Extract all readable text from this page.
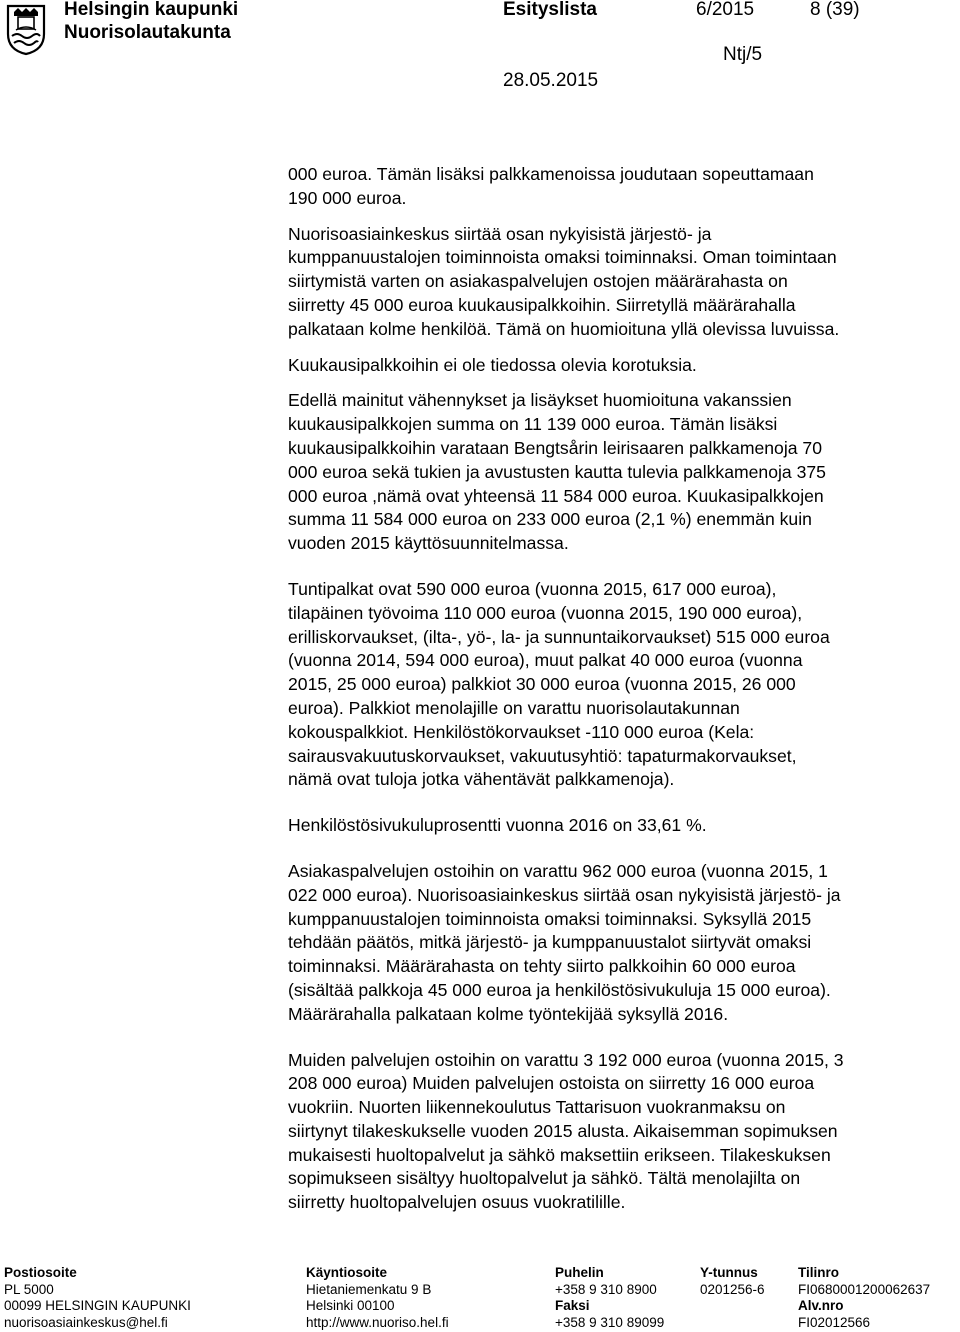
Helsingin kaupunki
Nuorisolautakunta
Esityslista	6/2015	8 (39)
Ntj/5
28.05.2015

000 euroa. Tämän lisäksi palkkamenoissa joudutaan sopeuttamaan
190 000 euroa.

Nuorisoasiainkeskus siirtää osan nykyisistä järjestö- ja
kumppanuustalojen toiminnoista omaksi toiminnaksi. Oman toimintaan
siirtymistä varten on asiakaspalvelujen ostojen määrärahasta on
siirretty 45 000 euroa kuukausipalkkoihin. Siirretyllä määrärahalla
palkataan kolme henkilöä. Tämä on huomioituna yllä olevissa luvuissa.

Kuukausipalkkoihin ei ole tiedossa olevia korotuksia.

Edellä mainitut vähennykset ja lisäykset huomioituna vakanssien
kuukausipalkkojen summa on 11 139 000 euroa. Tämän lisäksi
kuukausipalkkoihin varataan Bengtsårin leirisaaren palkkamenoja 70
000 euroa sekä tukien ja avustusten kautta tulevia palkkamenoja 375
000 euroa ,nämä ovat yhteensä 11 584 000 euroa. Kuukasipalkkojen
summa 11 584 000 euroa on 233 000 euroa (2,1 %) enemmän kuin
vuoden 2015 käyttösuunnitelmassa.

Tuntipalkat ovat 590 000 euroa (vuonna 2015, 617 000 euroa),
tilapäinen työvoima 110 000 euroa (vuonna 2015, 190 000 euroa),
erilliskorvaukset, (ilta-, yö-, la- ja sunnuntaikorvaukset) 515 000 euroa
(vuonna 2014, 594 000 euroa), muut palkat 40 000 euroa (vuonna
2015, 25 000 euroa) palkkiot 30 000 euroa (vuonna 2015, 26 000
euroa). Palkkiot menolajille on varattu nuorisolautakunnan
kokouspalkkiot. Henkilöstökorvaukset -110 000 euroa (Kela:
sairausvakuutuskorvaukset, vakuutusyhtiö: tapaturmakorvaukset,
nämä ovat tuloja jotka vähentävät palkkamenoja).

Henkilöstösivukuluprosentti vuonna 2016 on 33,61 %.

Asiakaspalvelujen ostoihin on varattu 962 000 euroa (vuonna 2015, 1
022 000 euroa). Nuorisoasiainkeskus siirtää osan nykyisistä järjestö- ja
kumppanuustalojen toiminnoista omaksi toiminnaksi. Syksyllä 2015
tehdään päätös, mitkä järjestö- ja kumppanuustalot siirtyvät omaksi
toiminnaksi. Määrärahasta on tehty siirto palkkoihin 60 000 euroa
(sisältää palkkoja 45 000 euroa ja henkilöstösivukuluja 15 000 euroa).
Määrärahalla palkataan kolme työntekijää syksyllä 2016.

Muiden palvelujen ostoihin on varattu 3 192 000 euroa (vuonna 2015, 3
208 000 euroa) Muiden palvelujen ostoista on siirretty 16 000 euroa
vuokriin. Nuorten liikennekoulutus Tattarisuon vuokranmaksu on
siirtynyt tilakeskukselle vuoden 2015 alusta. Aikaisemman sopimuksen
mukaisesti huoltopalvelut ja sähkö maksettiin erikseen. Tilakeskuksen
sopimukseen sisältyy huoltopalvelut ja sähkö. Tältä menolajilta on
siirretty huoltopalvelujen osuus vuokratilille.

Postiosoite
PL 5000
00099 HELSINGIN KAUPUNKI
nuorisoasiainkeskus@hel.fi
Käyntiosoite
Hietaniemenkatu 9 B
Helsinki 00100
http://www.nuoriso.hel.fi
Puhelin
+358 9 310 8900
Faksi
+358 9 310 89099
Y-tunnus
0201256-6
Tilinro
FI0680001200062637
Alv.nro
FI02012566
